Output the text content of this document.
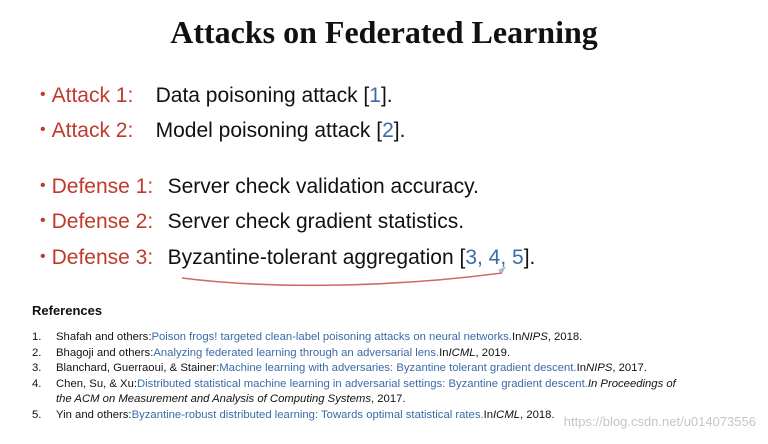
Attacks on Federated Learning
• Attack 1: Data poisoning attack [1].
• Attack 2: Model poisoning attack [2].
• Defense 1: Server check validation accuracy.
• Defense 2: Server check gradient statistics.
• Defense 3: Byzantine-tolerant aggregation [3, 4, 5].
References
1.	Shafah and others: Poison frogs! targeted clean-label poisoning attacks on neural networks. In NIPS , 2018.
2.	Bhagoji and others: Analyzing federated learning through an adversarial lens. In ICML , 2019.
3.	Blanchard, Guerraoui, & Stainer: Machine learning with adversaries: Byzantine tolerant gradient descent. In NIPS , 2017.
4.	Chen, Su, & Xu: Distributed statistical machine learning in adversarial settings: Byzantine gradient descent. In Proceedings of
the ACM on Measurement and Analysis of Computing Systems , 2017.
5.	Yin and others: Byzantine-robust distributed learning: Towards optimal statistical rates. In ICML , 2018. https://blog.csdn.net/u014073556
